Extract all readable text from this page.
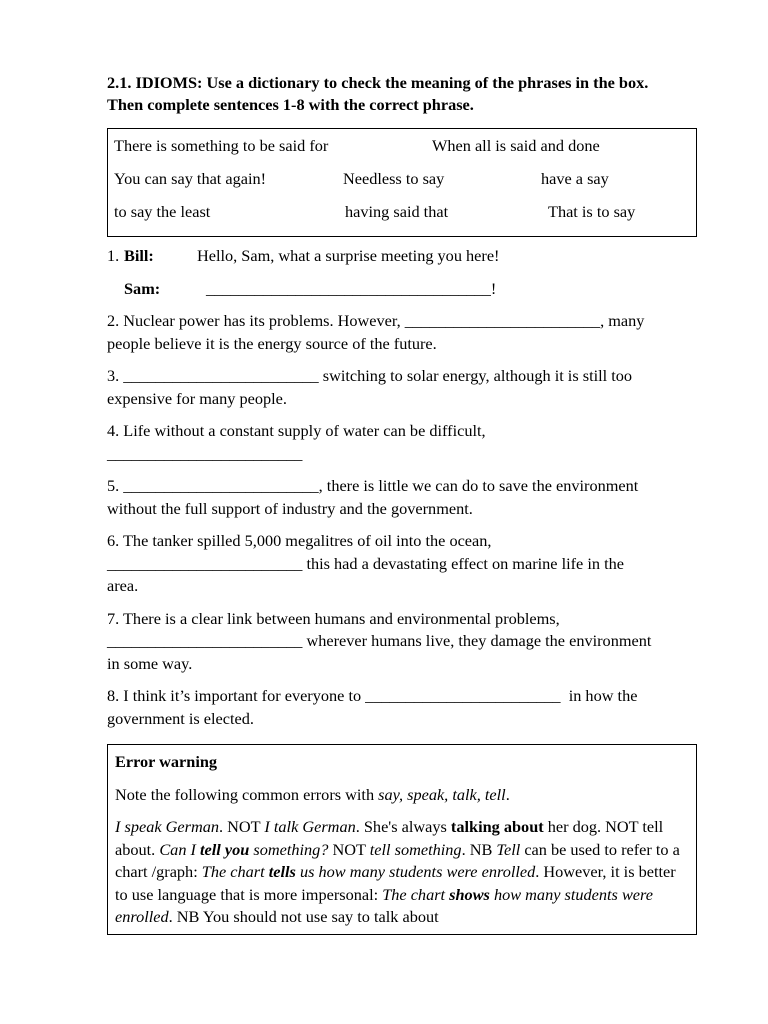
2.1. IDIOMS: Use a dictionary to check the meaning of the phrases in the box.
Then complete sentences 1-8 with the correct phrase.
There is something to be said for	When all is said and done
You can say that again!	Needless to say	have a say
to say the least	having said that	That is to say
1. Bill:	Hello, Sam, what a surprise meeting you here!
Sam:	___________________________________!
2. Nuclear power has its problems. However, ________________________, many
people believe it is the energy source of the future.
3. ________________________ switching to solar energy, although it is still too
expensive for many people.
4. Life without a constant supply of water can be difficult,
________________________
5. ________________________, there is little we can do to save the environment
without the full support of industry and the government.
6. The tanker spilled 5,000 megalitres of oil into the ocean,
________________________ this had a devastating effect on marine life in the
area.
7. There is a clear link between humans and environmental problems,
________________________ wherever humans live, they damage the environment
in some way.
8. I think it’s important for everyone to ________________________  in how the
government is elected.

Error warning

Note the following common errors with say, speak, talk, tell.

I speak German. NOT I talk German. She's always talking about her dog. NOT tell about. Can I tell you something? NOT tell something. NB Tell can be used to refer to a chart /graph: The chart tells us how many students were enrolled. However, it is better to use language that is more impersonal: The chart shows how many students were enrolled. NB You should not use say to talk about
